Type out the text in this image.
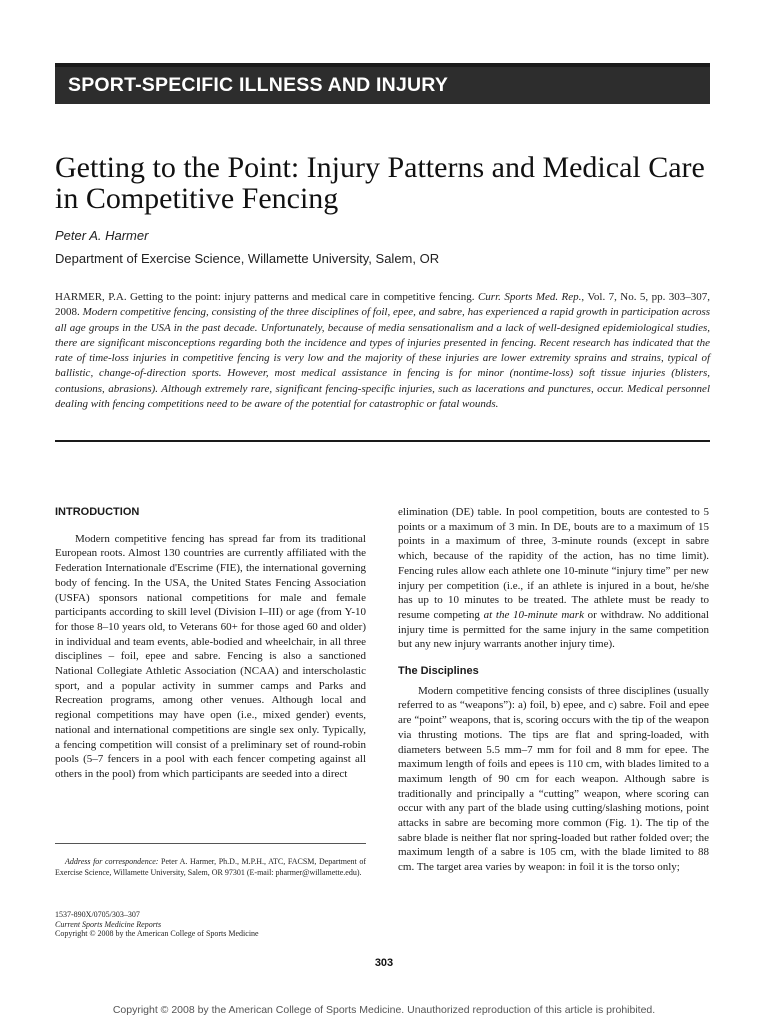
SPORT-SPECIFIC ILLNESS AND INJURY
Getting to the Point: Injury Patterns and Medical Care in Competitive Fencing
Peter A. Harmer
Department of Exercise Science, Willamette University, Salem, OR

HARMER, P.A. Getting to the point: injury patterns and medical care in competitive fencing. Curr. Sports Med. Rep., Vol. 7, No. 5, pp. 303–307, 2008. Modern competitive fencing, consisting of the three disciplines of foil, epee, and sabre, has experienced a rapid growth in participation across all age groups in the USA in the past decade. Unfortunately, because of media sensationalism and a lack of well-designed epidemiological studies, there are significant misconceptions regarding both the incidence and types of injuries presented in fencing. Recent research has indicated that the rate of time-loss injuries in competitive fencing is very low and the majority of these injuries are lower extremity sprains and strains, typical of ballistic, change-of-direction sports. However, most medical assistance in fencing is for minor (nontime-loss) soft tissue injuries (blisters, contusions, abrasions). Although extremely rare, significant fencing-specific injuries, such as lacerations and punctures, occur. Medical personnel dealing with fencing competitions need to be aware of the potential for catastrophic or fatal wounds.

INTRODUCTION

Modern competitive fencing has spread far from its traditional European roots. Almost 130 countries are currently affiliated with the Federation Internationale d'Escrime (FIE), the international governing body of fencing. In the USA, the United States Fencing Association (USFA) sponsors national competitions for male and female participants according to skill level (Division I–III) or age (from Y-10 for those 8–10 years old, to Veterans 60+ for those aged 60 and older) in individual and team events, able-bodied and wheelchair, in all three disciplines – foil, epee and sabre. Fencing is also a sanctioned National Collegiate Athletic Association (NCAA) and interscholastic sport, and a popular activity in summer camps and Parks and Recreation programs, among other venues. Although local and regional competitions may have open (i.e., mixed gender) events, national and international competitions are single sex only. Typically, a fencing competition will consist of a preliminary set of round-robin pools (5–7 fencers in a pool with each fencer competing against all others in the pool) from which participants are seeded into a direct

elimination (DE) table. In pool competition, bouts are contested to 5 points or a maximum of 3 min. In DE, bouts are to a maximum of 15 points in a maximum of three, 3-minute rounds (except in sabre which, because of the rapidity of the action, has no time limit). Fencing rules allow each athlete one 10-minute “injury time” per new injury per competition (i.e., if an athlete is injured in a bout, he/she has up to 10 minutes to be treated. The athlete must be ready to resume competing at the 10-minute mark or withdraw. No additional injury time is permitted for the same injury in the same competition but any new injury warrants another injury time).

The Disciplines

Modern competitive fencing consists of three disciplines (usually referred to as “weapons”): a) foil, b) epee, and c) sabre. Foil and epee are “point” weapons, that is, scoring occurs with the tip of the weapon via thrusting motions. The tips are flat and spring-loaded, with diameters between 5.5 mm–7 mm for foil and 8 mm for epee. The maximum length of foils and epees is 110 cm, with blades limited to a maximum length of 90 cm for each weapon. Although sabre is traditionally and principally a “cutting” weapon, where scoring can occur with any part of the blade using cutting/slashing motions, point attacks in sabre are becoming more common (Fig. 1). The tip of the sabre blade is neither flat nor spring-loaded but rather folded over; the maximum length of a sabre is 105 cm, with the blade limited to 88 cm. The target area varies by weapon: in foil it is the torso only;

Address for correspondence: Peter A. Harmer, Ph.D., M.P.H., ATC, FACSM, Department of Exercise Science, Willamette University, Salem, OR 97301 (E-mail: pharmer@willamette.edu).
1537-890X/0705/303–307
Current Sports Medicine Reports
Copyright © 2008 by the American College of Sports Medicine
303
Copyright © 2008 by the American College of Sports Medicine. Unauthorized reproduction of this article is prohibited.
